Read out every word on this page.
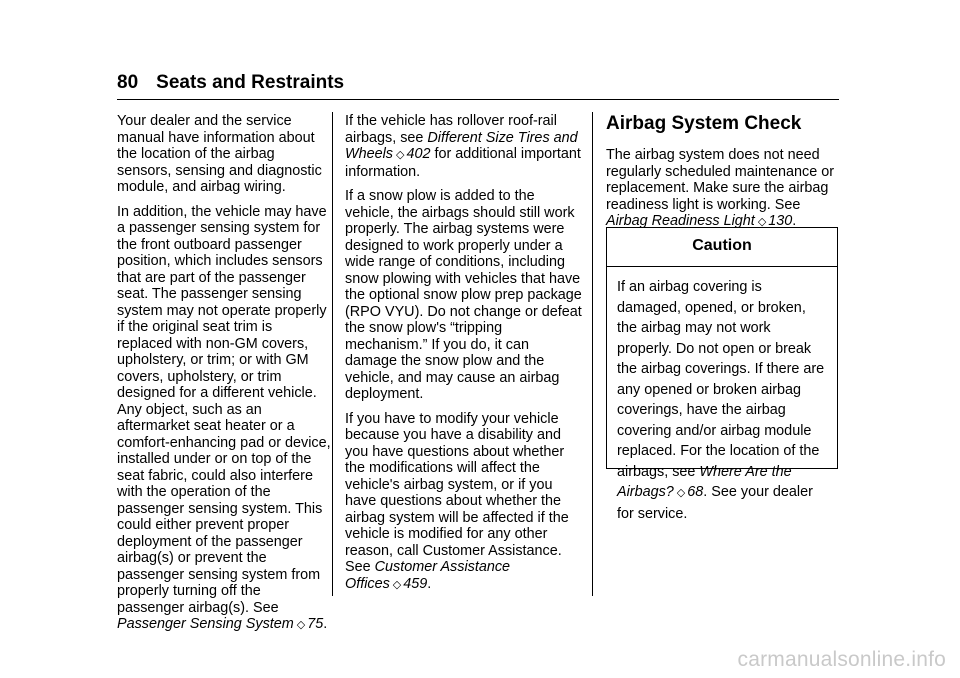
80 Seats and Restraints

Your dealer and the service manual have information about the location of the airbag sensors, sensing and diagnostic module, and airbag wiring.

In addition, the vehicle may have a passenger sensing system for the front outboard passenger position, which includes sensors that are part of the passenger seat. The passenger sensing system may not operate properly if the original seat trim is replaced with non-GM covers, upholstery, or trim; or with GM covers, upholstery, or trim designed for a different vehicle. Any object, such as an aftermarket seat heater or a comfort-enhancing pad or device, installed under or on top of the seat fabric, could also interfere with the operation of the passenger sensing system. This could either prevent proper deployment of the passenger airbag(s) or prevent the passenger sensing system from properly turning off the passenger airbag(s). See Passenger Sensing System ◇ 75.

If the vehicle has rollover roof-rail airbags, see Different Size Tires and Wheels ◇ 402 for additional important information.

If a snow plow is added to the vehicle, the airbags should still work properly. The airbag systems were designed to work properly under a wide range of conditions, including snow plowing with vehicles that have the optional snow plow prep package (RPO VYU). Do not change or defeat the snow plow's “tripping mechanism.” If you do, it can damage the snow plow and the vehicle, and may cause an airbag deployment.

If you have to modify your vehicle because you have a disability and you have questions about whether the modifications will affect the vehicle's airbag system, or if you have questions about whether the airbag system will be affected if the vehicle is modified for any other reason, call Customer Assistance. See Customer Assistance Offices ◇ 459.

Airbag System Check

The airbag system does not need regularly scheduled maintenance or replacement. Make sure the airbag readiness light is working. See Airbag Readiness Light ◇ 130.

Caution
If an airbag covering is damaged, opened, or broken, the airbag may not work properly. Do not open or break the airbag coverings. If there are any opened or broken airbag coverings, have the airbag covering and/or airbag module replaced. For the location of the airbags, see Where Are the Airbags? ◇ 68. See your dealer for service.
carmanualsonline.info
